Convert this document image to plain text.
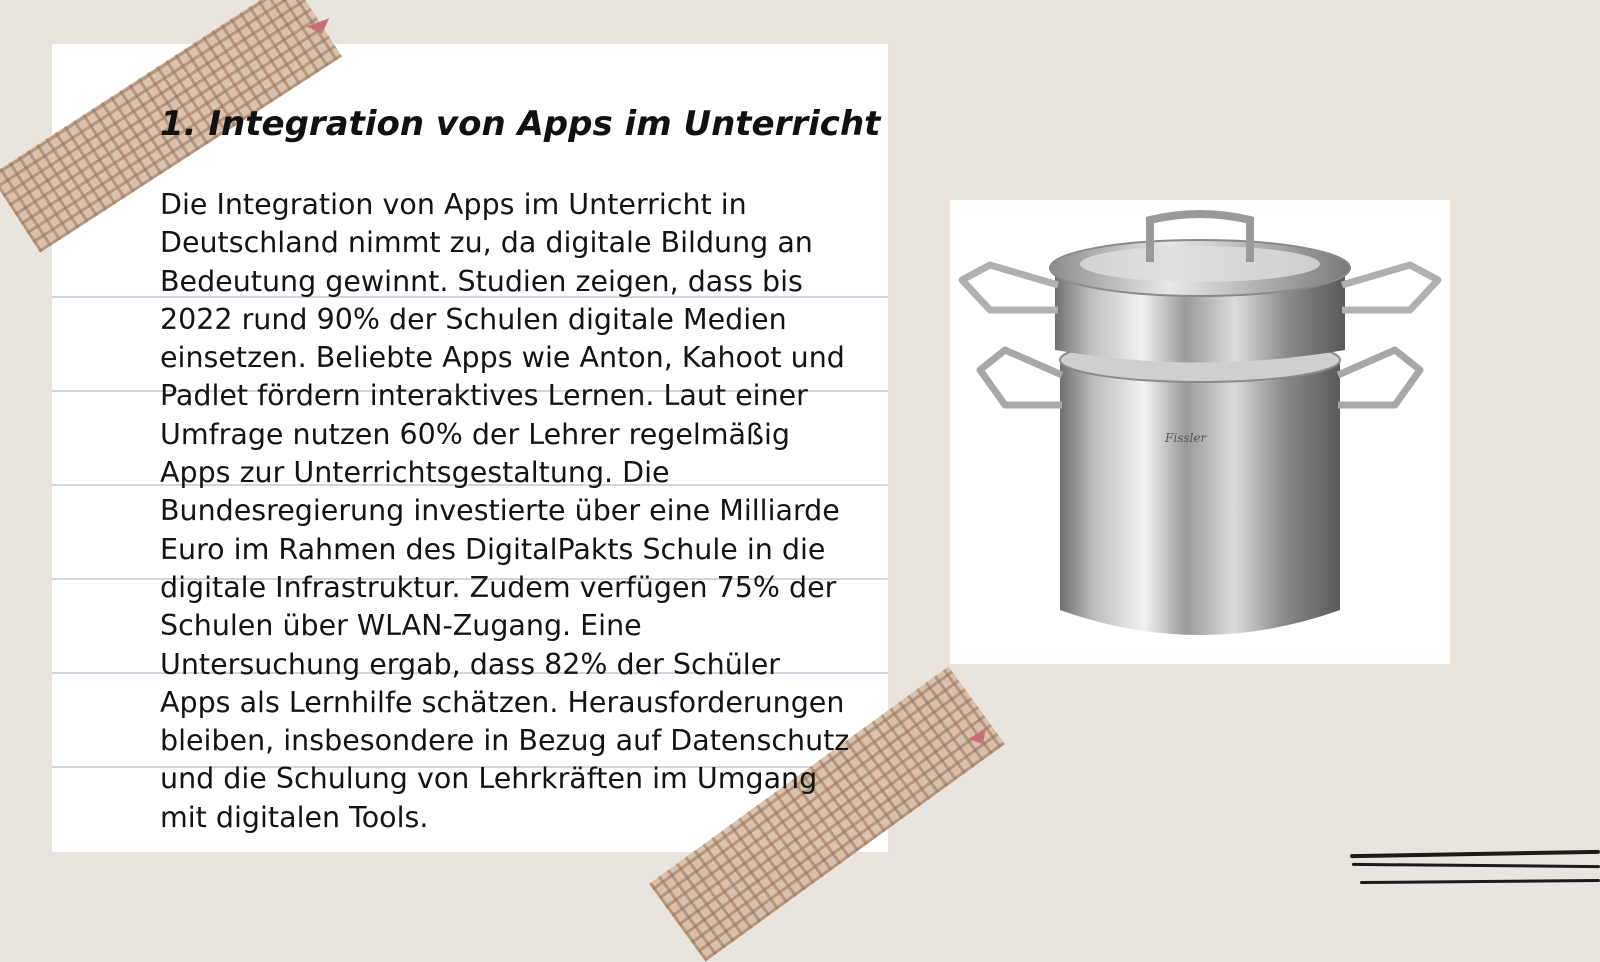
1. Integration von Apps im Unterricht

Die Integration von Apps im Unterricht in Deutschland nimmt zu, da digitale Bildung an Bedeutung gewinnt. Studien zeigen, dass bis 2022 rund 90% der Schulen digitale Medien einsetzen. Beliebte Apps wie Anton, Kahoot und Padlet fördern interaktives Lernen. Laut einer Umfrage nutzen 60% der Lehrer regelmäßig Apps zur Unterrichtsgestaltung. Die Bundesregierung investierte über eine Milliarde Euro im Rahmen des DigitalPakts Schule in die digitale Infrastruktur. Zudem verfügen 75% der Schulen über WLAN-Zugang. Eine Untersuchung ergab, dass 82% der Schüler Apps als Lernhilfe schätzen. Herausforderungen bleiben, insbesondere in Bezug auf Datenschutz und die Schulung von Lehrkräften im Umgang mit digitalen Tools.

Fissler
